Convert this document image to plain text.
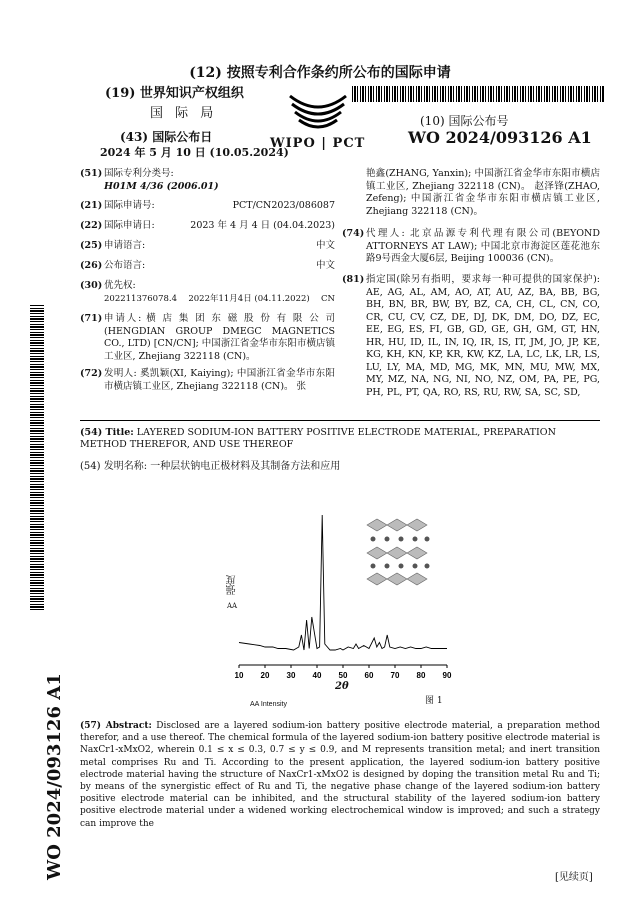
(12) 按照专利合作条约所公布的国际申请
(19) 世界知识产权组织
国 际 局
(43) 国际公布日
2024 年 5 月 10 日 (10.05.2024)
WIPO | PCT
(10) 国际公布号
WO 2024/093126 A1
(51) 国际专利分类号:
H01M 4/36 (2006.01)
(21) 国际申请号:	PCT/CN2023/086087
(22) 国际申请日:	2023 年 4 月 4 日 (04.04.2023)
(25) 申请语言:	中文
(26) 公布语言:	中文
(30) 优先权:
202211376078.4 2022年11月4日 (04.11.2022) CN
(71) 申请人: 横 店 集 团 东 磁 股 份 有 限 公 司(HENGDIAN GROUP DMEGC MAGNETICS CO., LTD) [CN/CN]; 中国浙江省金华市东阳市横店镇工业区, Zhejiang 322118 (CN)。
(72) 发明人: 奚凯颖(XI, Kaiying); 中国浙江省金华市东阳市横店镇工业区, Zhejiang 322118 (CN)。 张
艳鑫(ZHANG, Yanxin); 中国浙江省金华市东阳市横店镇工业区, Zhejiang 322118 (CN)。 赵泽锋(ZHAO, Zefeng); 中国浙江省金华市东阳市横店镇工业区, Zhejiang 322118 (CN)。
(74) 代理人: 北京品源专利代理有限公司(BEYOND ATTORNEYS AT LAW); 中国北京市海淀区莲花池东路9号西金大厦6层, Beijing 100036 (CN)。
(81) 指定国(除另有指明，要求每一种可提供的国家保护): AE, AG, AL, AM, AO, AT, AU, AZ, BA, BB, BG, BH, BN, BR, BW, BY, BZ, CA, CH, CL, CN, CO, CR, CU, CV, CZ, DE, DJ, DK, DM, DO, DZ, EC, EE, EG, ES, FI, GB, GD, GE, GH, GM, GT, HN, HR, HU, ID, IL, IN, IQ, IR, IS, IT, JM, JO, JP, KE, KG, KH, KN, KP, KR, KW, KZ, LA, LC, LK, LR, LS, LU, LY, MA, MD, MG, MK, MN, MU, MW, MX, MY, MZ, NA, NG, NI, NO, NZ, OM, PA, PE, PG, PH, PL, PT, QA, RO, RS, RU, RW, SA, SC, SD,
WO 2024/093126 A1
(54) Title: LAYERED SODIUM-ION BATTERY POSITIVE ELECTRODE MATERIAL, PREPARATION METHOD THEREFOR, AND USE THEREOF
(54) 发明名称: 一种层状钠电正极材料及其制备方法和应用
10 20 30 40 50 60 70 80 90
强度
AA
2θ
AA Intensity	图 1
(57) Abstract: Disclosed are a layered sodium-ion battery positive electrode material, a preparation method therefor, and a use thereof. The chemical formula of the layered sodium-ion battery positive electrode material is NaxCr1-xMxO2, wherein 0.1 ≤ x ≤ 0.3, 0.7 ≤ y ≤ 0.9, and M represents transition metal; and inert transition metal comprises Ru and Ti. According to the present application, the layered sodium-ion battery positive electrode material having the structure of NaxCr1-xMxO2 is designed by doping the transition metal Ru and Ti; by means of the synergistic effect of Ru and Ti, the negative phase change of the layered sodium-ion battery positive electrode material can be inhibited, and the structural stability of the layered sodium-ion battery positive electrode material under a widened working electrochemical window is improved; and such a strategy can improve the
[见续页]
